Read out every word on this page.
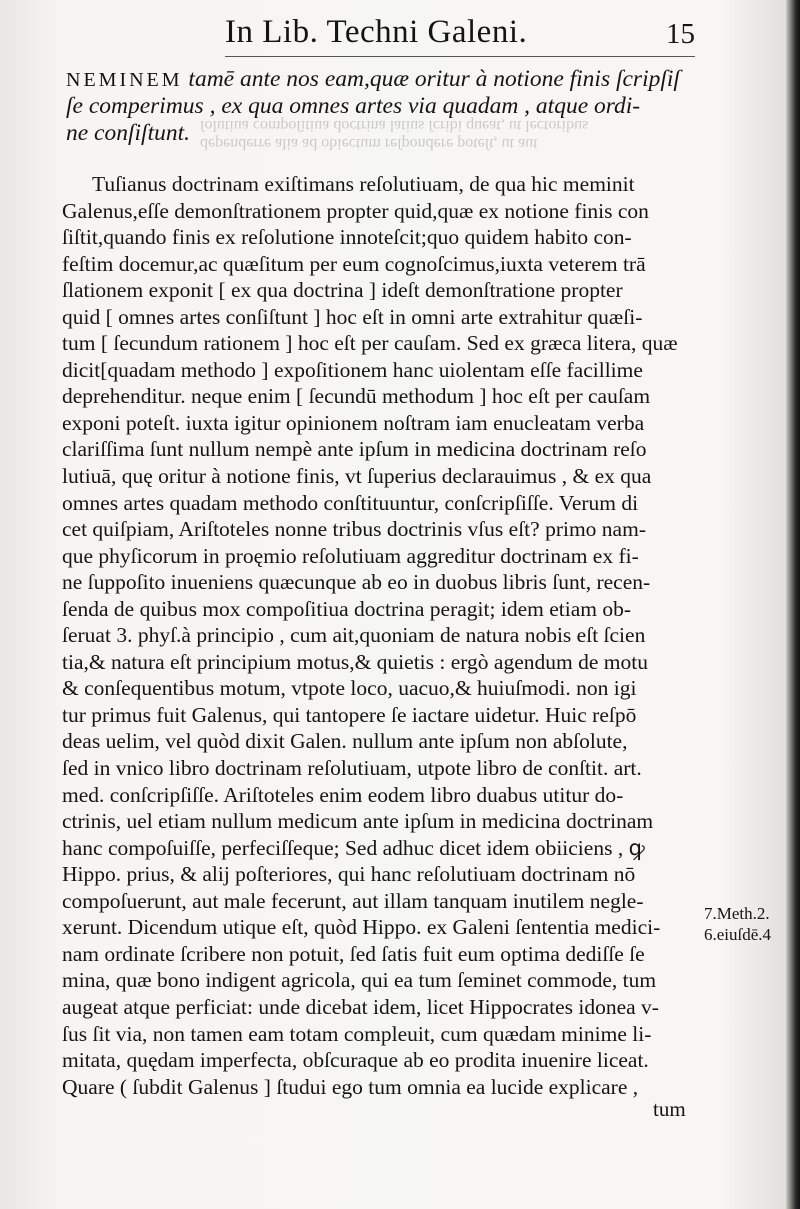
In Lib. Techni Galeni.	15
dependerre alia ad obiectum reſpondere poteſt, ut aut
ſolutiua compoſitiua doctrina latius ſcribi queat, ut lectoribus
NEMINEM tamē ante nos eam,quæ oritur à notione finis ſcripſiſ
ſe comperimus , ex qua omnes artes via quadam , atque ordi-
ne conſiſtunt.
Tuſianus doctrinam exiſtimans reſolutiuam, de qua hic meminit
Galenus,eſſe demonſtrationem propter quid,quæ ex notione finis con
ſiſtit,quando finis ex reſolutione innoteſcit;quo quidem habito con-
feſtim docemur,ac quæſitum per eum cognoſcimus,iuxta veterem trā
ſlationem exponit [ ex qua doctrina ] ideſt demonſtratione propter
quid [ omnes artes conſiſtunt ] hoc eſt in omni arte extrahitur quæſi-
tum [ ſecundum rationem ] hoc eſt per cauſam. Sed ex græca litera, quæ
dicit[quadam methodo ] expoſitionem hanc uiolentam eſſe facillime
deprehenditur. neque enim [ ſecundū methodum ] hoc eſt per cauſam
exponi poteſt. iuxta igitur opinionem noſtram iam enucleatam verba
clariſſima ſunt nullum nempè ante ipſum in medicina doctrinam reſo
lutiuā, quę oritur à notione finis, vt ſuperius declarauimus , & ex qua
omnes artes quadam methodo conſtituuntur, conſcripſiſſe. Verum di
cet quiſpiam, Ariſtoteles nonne tribus doctrinis vſus eſt? primo nam-
que phyſicorum in proęmio reſolutiuam aggreditur doctrinam ex fi-
ne ſuppoſito inueniens quæcunque ab eo in duobus libris ſunt, recen-
ſenda de quibus mox compoſitiua doctrina peragit; idem etiam ob-
ſeruat 3. phyſ.à principio , cum ait,quoniam de natura nobis eſt ſcien
tia,& natura eſt principium motus,& quietis : ergò agendum de motu
& conſequentibus motum, vtpote loco, uacuo,& huiuſmodi. non igi
tur primus fuit Galenus, qui tantopere ſe iactare uidetur. Huic reſpō
deas uelim, vel quòd dixit Galen. nullum ante ipſum non abſolute,
ſed in vnico libro doctrinam reſolutiuam, utpote libro de conſtit. art.
med. conſcripſiſſe. Ariſtoteles enim eodem libro duabus utitur do-
ctrinis, uel etiam nullum medicum ante ipſum in medicina doctrinam
hanc compoſuiſſe, perfeciſſeque; Sed adhuc dicet idem obiiciens , ꝙ
Hippo. prius, & alij poſteriores, qui hanc reſolutiuam doctrinam nō
compoſuerunt, aut male fecerunt, aut illam tanquam inutilem negle-
xerunt. Dicendum utique eſt, quòd Hippo. ex Galeni ſententia medici-
nam ordinate ſcribere non potuit, ſed ſatis fuit eum optima dediſſe ſe
mina, quæ bono indigent agricola, qui ea tum ſeminet commode, tum
augeat atque perficiat: unde dicebat idem, licet Hippocrates idonea v-
ſus ſit via, non tamen eam totam compleuit, cum quædam minime li-
mitata, quędam imperfecta, obſcuraque ab eo prodita inuenire liceat.
Quare ( ſubdit Galenus ] ſtudui ego tum omnia ea lucide explicare ,
7.Meth.2.
6.eiuſdē.4
tum
